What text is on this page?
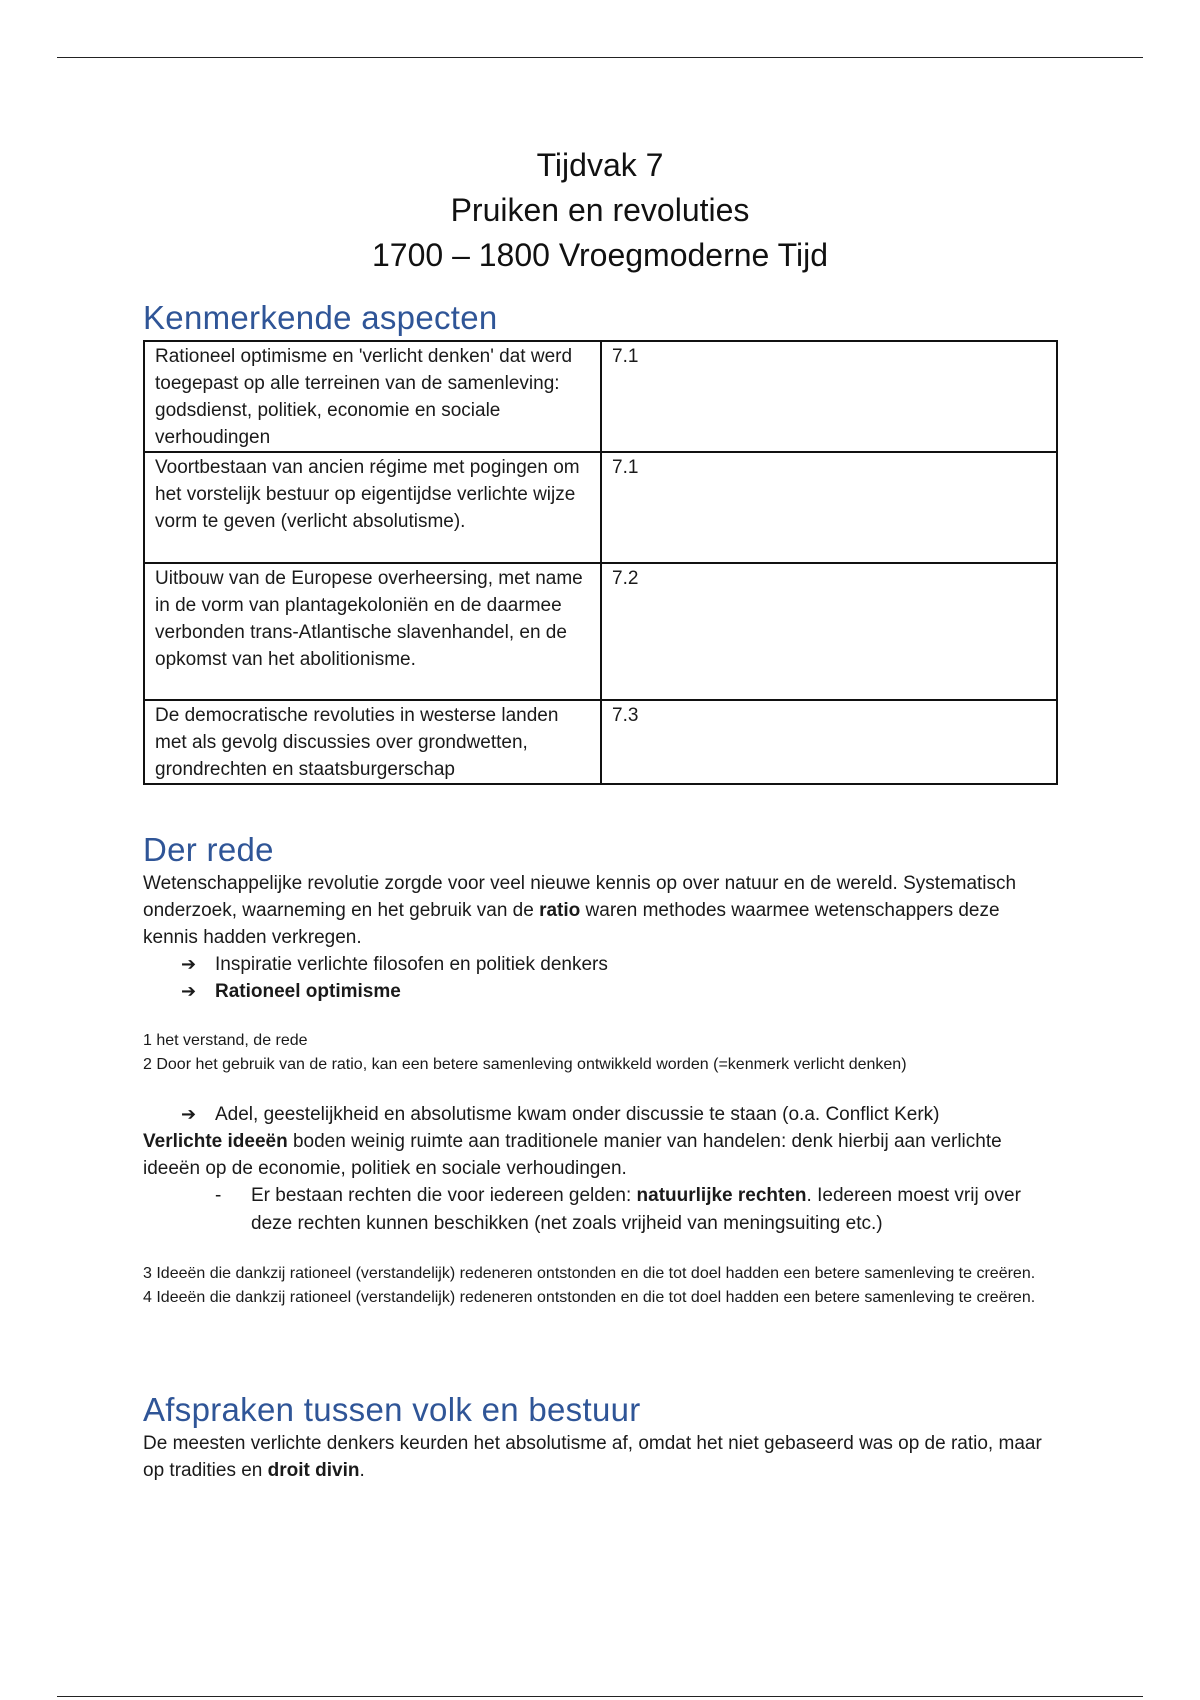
Tijdvak 7
Pruiken en revoluties
1700 – 1800 Vroegmoderne Tijd
Kenmerkende aspecten
Rationeel optimisme en 'verlicht denken' dat werd toegepast op alle terreinen van de samenleving: godsdienst, politiek, economie en sociale verhoudingen	7.1
Voortbestaan van ancien régime met pogingen om het vorstelijk bestuur op eigentijdse verlichte wijze vorm te geven (verlicht absolutisme).	7.1
Uitbouw van de Europese overheersing, met name in de vorm van plantagekoloniën en de daarmee verbonden trans-Atlantische slavenhandel, en de opkomst van het abolitionisme.	7.2
De democratische revoluties in westerse landen met als gevolg discussies over grondwetten, grondrechten en staatsburgerschap	7.3
Der rede

Wetenschappelijke revolutie zorgde voor veel nieuwe kennis op over natuur en de wereld. Systematisch onderzoek, waarneming en het gebruik van de ratio waren methodes waarmee wetenschappers deze kennis hadden verkregen.

➔ Inspiratie verlichte filosofen en politiek denkers
➔ Rationeel optimisme

1 het verstand, de rede

2 Door het gebruik van de ratio, kan een betere samenleving ontwikkeld worden (=kenmerk verlicht denken)

➔ Adel, geestelijkheid en absolutisme kwam onder discussie te staan (o.a. Conflict Kerk)

Verlichte ideeën boden weinig ruimte aan traditionele manier van handelen: denk hierbij aan verlichte ideeën op de economie, politiek en sociale verhoudingen.

- Er bestaan rechten die voor iedereen gelden: natuurlijke rechten. Iedereen moest vrij over deze rechten kunnen beschikken (net zoals vrijheid van meningsuiting etc.)

3 Ideeën die dankzij rationeel (verstandelijk) redeneren ontstonden en die tot doel hadden een betere samenleving te creëren.

4 Ideeën die dankzij rationeel (verstandelijk) redeneren ontstonden en die tot doel hadden een betere samenleving te creëren.

Afspraken tussen volk en bestuur

De meesten verlichte denkers keurden het absolutisme af, omdat het niet gebaseerd was op de ratio, maar op tradities en droit divin.
